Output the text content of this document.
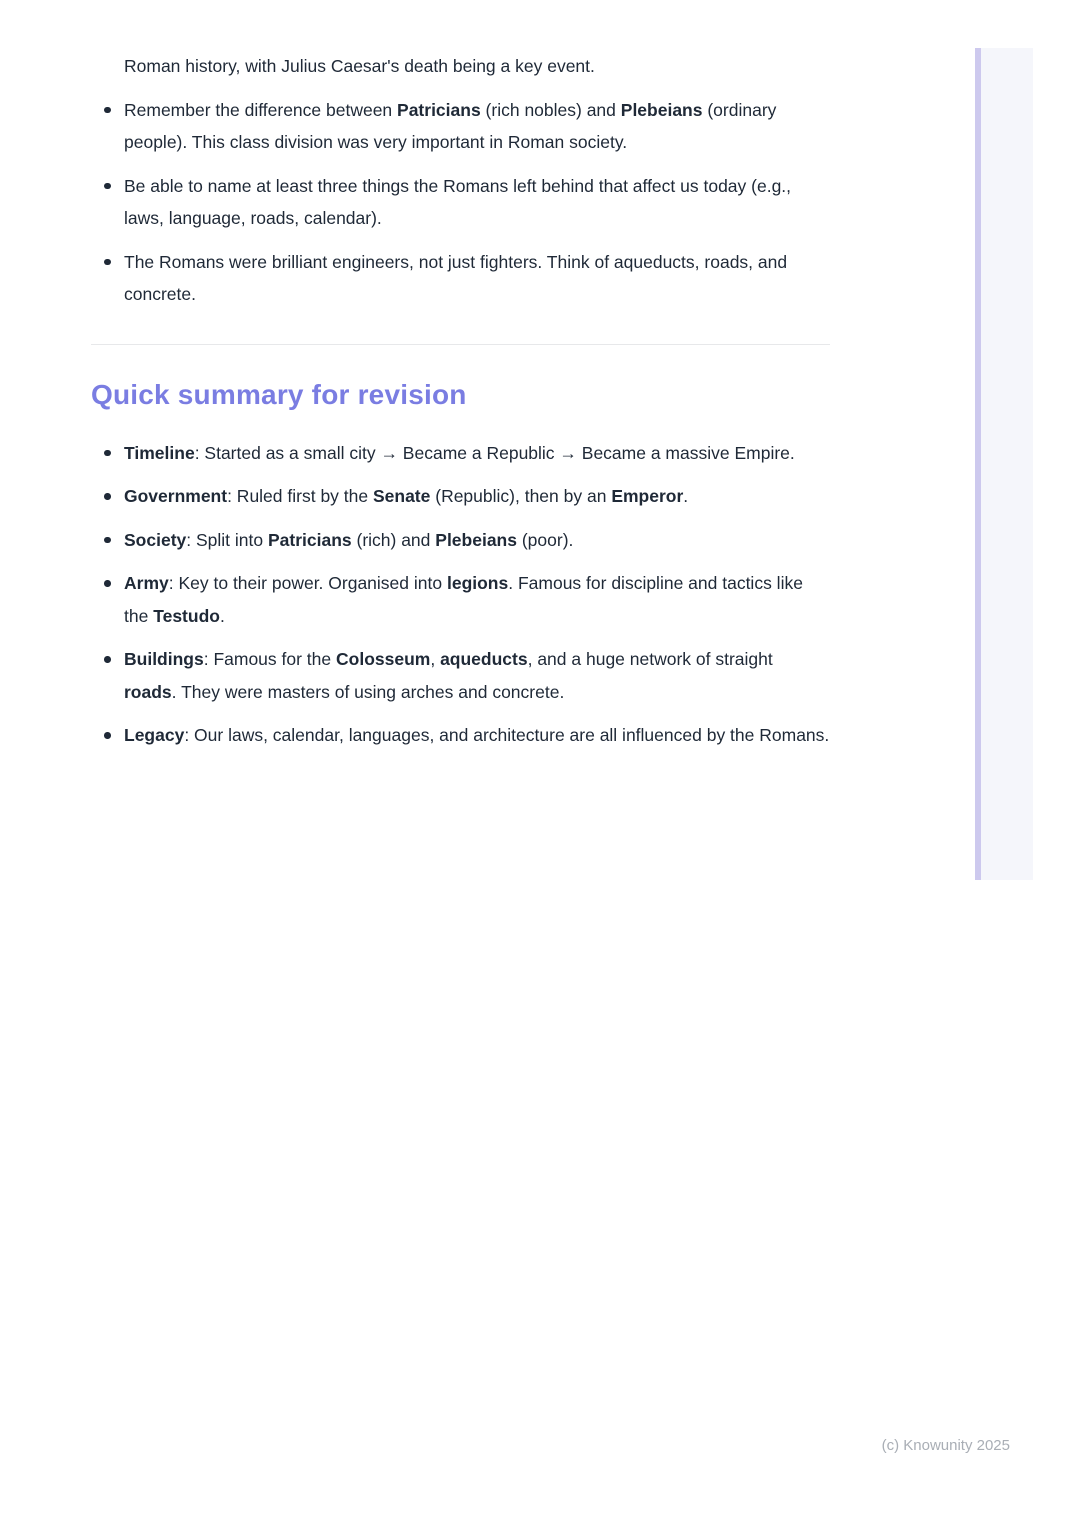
Roman history, with Julius Caesar's death being a key event.

Remember the difference between Patricians (rich nobles) and Plebeians (ordinary people). This class division was very important in Roman society.
Be able to name at least three things the Romans left behind that affect us today (e.g., laws, language, roads, calendar).
The Romans were brilliant engineers, not just fighters. Think of aqueducts, roads, and concrete.
Quick summary for revision
Timeline: Started as a small city → Became a Republic → Became a massive Empire.
Government: Ruled first by the Senate (Republic), then by an Emperor.
Society: Split into Patricians (rich) and Plebeians (poor).
Army: Key to their power. Organised into legions. Famous for discipline and tactics like the Testudo.
Buildings: Famous for the Colosseum, aqueducts, and a huge network of straight roads. They were masters of using arches and concrete.
Legacy: Our laws, calendar, languages, and architecture are all influenced by the Romans.
(c) Knowunity 2025
